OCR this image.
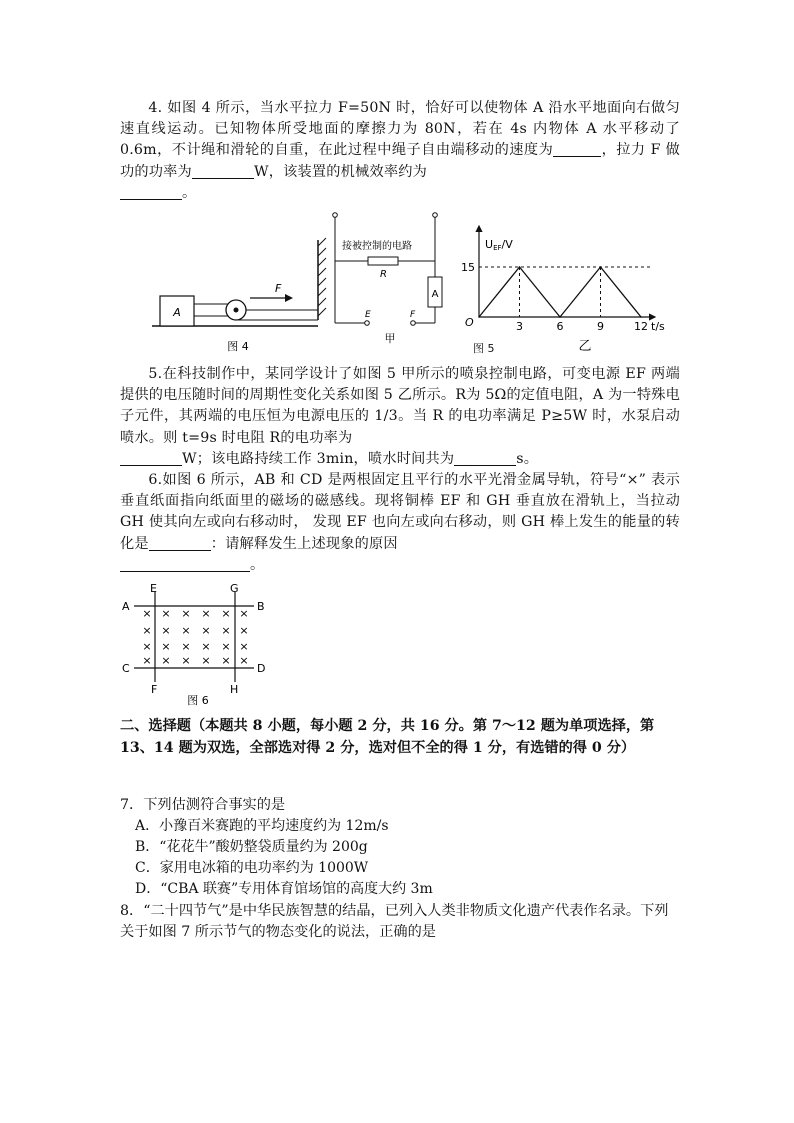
4. 如图 4 所示，当水平拉力 F=50N 时，恰好可以使物体 A 沿水平地面向右做匀速直线运动。已知物体所受地面的摩擦力为 80N，若在 4s 内物体 A 水平移动了 0.6m，不计绳和滑轮的自重，在此过程中绳子自由端移动的速度为	，拉力 F 做功的功率为	W，该装置的机械效率约为
。

A
F
图 4
接被控制的电路
R
A
E	F
甲
UEF/V
t/s
O	3	6	9	12
15
乙
图 5

5.在科技制作中，某同学设计了如图 5 甲所示的喷泉控制电路，可变电源 EF 两端提供的电压随时间的周期性变化关系如图 5 乙所示。R为 5Ω的定值电阻，A 为一特殊电子元件，其两端的电压恒为电源电压的 1/3。当 R 的电功率满足 P≥5W 时，水泵启动喷水。则 t=9s 时电阻 R的电功率为
W；该电路持续工作 3min，喷水时间共为	s。

6.如图 6 所示，AB 和 CD 是两根固定且平行的水平光滑金属导轨，符号“×” 表示垂直纸面指向纸面里的磁场的磁感线。现将铜棒 EF 和 GH 垂直放在滑轨上，当拉动 GH 使其向左或向右移动时， 发现 EF 也向左或向右移动，则 GH 棒上发生的能量的转化是	：请解释发生上述现象的原因
。

A	B
C	D
E
F
G
H
× × × × × ×
× × × × × ×
× × × × × ×
× × × × × ×
图 6
二、选择题（本题共 8 小题，每小题 2 分，共 16 分。第 7～12 题为单项选择，第 13、14 题为双选，全部选对得 2 分，选对但不全的得 1 分，有选错的得 0 分）
7．下列估测符合事实的是
A．小豫百米赛跑的平均速度约为 12m/s
B．“花花牛”酸奶整袋质量约为 200g
C．家用电冰箱的电功率约为 1000W
D．“CBA 联赛”专用体育馆场馆的高度大约 3m
8．“二十四节气”是中华民族智慧的结晶，已列入人类非物质文化遗产代表作名录。下列关于如图 7 所示节气的物态变化的说法，正确的是
